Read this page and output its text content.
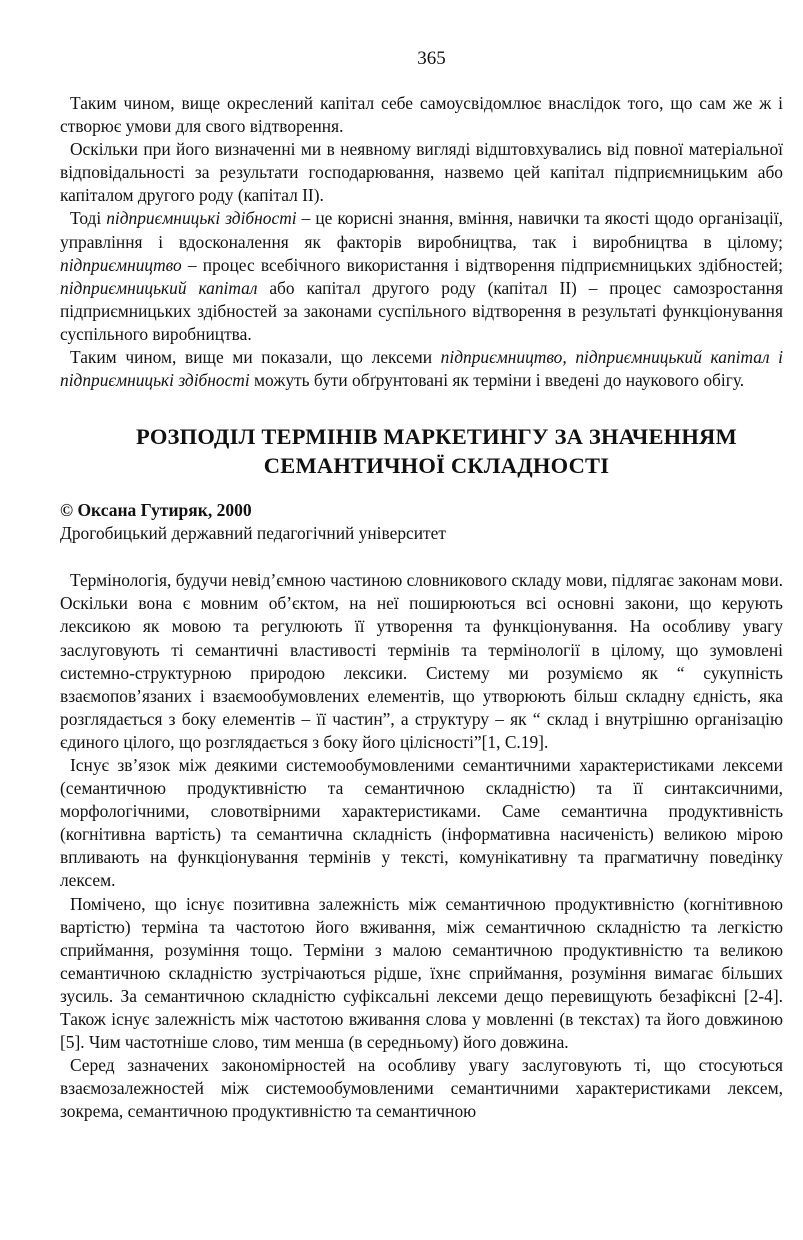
365

Таким чином, вище окреслений капітал себе самоусвідомлює внаслідок того, що сам же ж і створює умови для свого відтворення.

Оскільки при його визначенні ми в неявному вигляді відштовхувались від повної матеріальної відповідальності за результати господарювання, назвемо цей капітал підприємницьким або капіталом другого роду (капітал II).

Тоді підприємницькі здібності – це корисні знання, вміння, навички та якості щодо організації, управління і вдосконалення як факторів виробництва, так і виробництва в цілому; підприємництво – процес всебічного використання і відтворення підприємницьких здібностей; підприємницький капітал або капітал другого роду (капітал II) – процес самозростання підприємницьких здібностей за законами суспільного відтворення в результаті функціонування суспільного виробництва.

Таким чином, вище ми показали, що лексеми підприємництво, підприємницький капітал і підприємницькі здібності можуть бути обґрунтовані як терміни і введені до наукового обігу.

РОЗПОДІЛ ТЕРМІНІВ МАРКЕТИНГУ ЗА ЗНАЧЕННЯМ
СЕМАНТИЧНОЇ СКЛАДНОСТІ
© Оксана Гутиряк, 2000
Дрогобицький державний педагогічний університет

Термінологія, будучи невід’ємною частиною словникового складу мови, підлягає законам мови. Оскільки вона є мовним об’єктом, на неї поширюються всі основні закони, що керують лексикою як мовою та регулюють її утворення та функціонування. На особливу увагу заслуговують ті семантичні властивості термінів та термінології в цілому, що зумовлені системно-структурною природою лексики. Систему ми розуміємо як “ сукупність взаємопов’язаних і взаємообумовлених елементів, що утворюють більш складну єдність, яка розглядається з боку елементів – її частин”, а структуру – як “ склад і внутрішню організацію єдиного цілого, що розглядається з боку його цілісності”[1, С.19].

Існує зв’язок між деякими системообумовленими семантичними характеристиками лексеми (семантичною продуктивністю та семантичною складністю) та її синтаксичними, морфологічними, словотвірними характеристиками. Саме семантична продуктивність (когнітивна вартість) та семантична складність (інформативна насиченість) великою мірою впливають на функціонування термінів у тексті, комунікативну та прагматичну поведінку лексем.

Помічено, що існує позитивна залежність між семантичною продуктивністю (когнітивною вартістю) терміна та частотою його вживання, між семантичною складністю та легкістю сприймання, розуміння тощо. Терміни з малою семантичною продуктивністю та великою семантичною складністю зустрічаються рідше, їхнє сприймання, розуміння вимагає більших зусиль. За семантичною складністю суфіксальні лексеми дещо перевищують безафіксні [2-4]. Також існує залежність між частотою вживання слова у мовленні (в текстах) та його довжиною [5]. Чим частотніше слово, тим менша (в середньому) його довжина.

Серед зазначених закономірностей на особливу увагу заслуговують ті, що стосуються взаємозалежностей між системообумовленими семантичними характеристиками лексем, зокрема, семантичною продуктивністю та семантичною
